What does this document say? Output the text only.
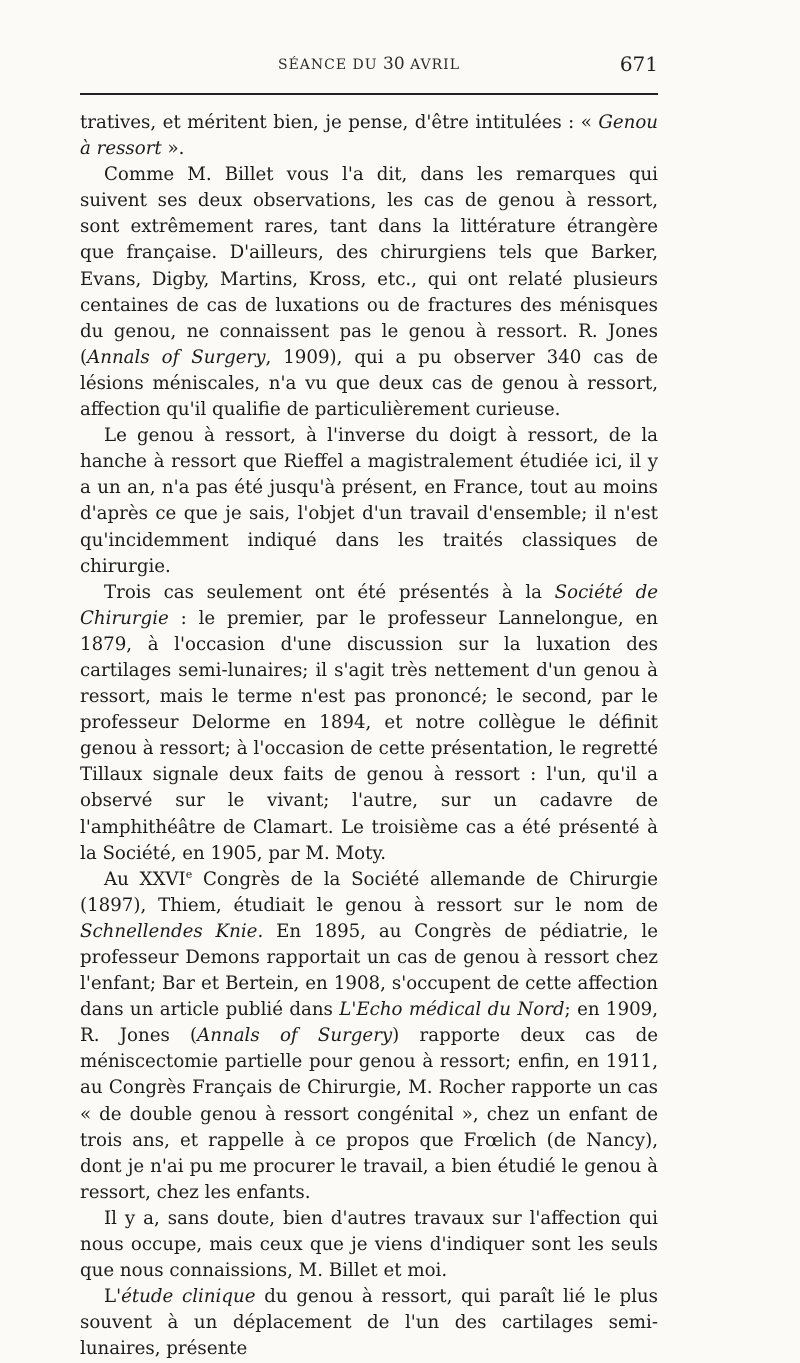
SÉANCE DU 30 AVRIL	671

tratives, et méritent bien, je pense, d'être intitulées : « Genou à ressort ».

Comme M. Billet vous l'a dit, dans les remarques qui suivent ses deux observations, les cas de genou à ressort, sont extrêmement rares, tant dans la littérature étrangère que française. D'ailleurs, des chirurgiens tels que Barker, Evans, Digby, Martins, Kross, etc., qui ont relaté plusieurs centaines de cas de luxations ou de fractures des ménisques du genou, ne connaissent pas le genou à ressort. R. Jones (Annals of Surgery, 1909), qui a pu observer 340 cas de lésions méniscales, n'a vu que deux cas de genou à ressort, affection qu'il qualifie de particulièrement curieuse.

Le genou à ressort, à l'inverse du doigt à ressort, de la hanche à ressort que Rieffel a magistralement étudiée ici, il y a un an, n'a pas été jusqu'à présent, en France, tout au moins d'après ce que je sais, l'objet d'un travail d'ensemble; il n'est qu'incidemment indiqué dans les traités classiques de chirurgie.

Trois cas seulement ont été présentés à la Société de Chirurgie : le premier, par le professeur Lannelongue, en 1879, à l'occasion d'une discussion sur la luxation des cartilages semi-lunaires; il s'agit très nettement d'un genou à ressort, mais le terme n'est pas prononcé; le second, par le professeur Delorme en 1894, et notre collègue le définit genou à ressort; à l'occasion de cette présentation, le regretté Tillaux signale deux faits de genou à ressort : l'un, qu'il a observé sur le vivant; l'autre, sur un cadavre de l'amphithéâtre de Clamart. Le troisième cas a été présenté à la Société, en 1905, par M. Moty.

Au XXVIe Congrès de la Société allemande de Chirurgie (1897), Thiem, étudiait le genou à ressort sur le nom de Schnellendes Knie. En 1895, au Congrès de pédiatrie, le professeur Demons rapportait un cas de genou à ressort chez l'enfant; Bar et Bertein, en 1908, s'occupent de cette affection dans un article publié dans L'Echo médical du Nord; en 1909, R. Jones (Annals of Surgery) rapporte deux cas de méniscectomie partielle pour genou à ressort; enfin, en 1911, au Congrès Français de Chirurgie, M. Rocher rapporte un cas « de double genou à ressort congénital », chez un enfant de trois ans, et rappelle à ce propos que Frœlich (de Nancy), dont je n'ai pu me procurer le travail, a bien étudié le genou à ressort, chez les enfants.

Il y a, sans doute, bien d'autres travaux sur l'affection qui nous occupe, mais ceux que je viens d'indiquer sont les seuls que nous connaissions, M. Billet et moi.

L'étude clinique du genou à ressort, qui paraît lié le plus souvent à un déplacement de l'un des cartilages semi-lunaires, présente
